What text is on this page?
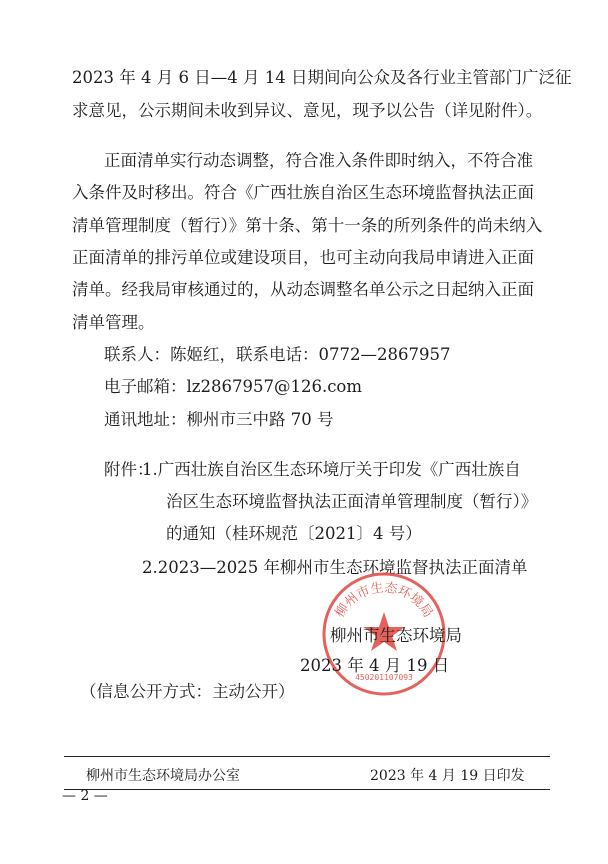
2023 年 4 月 6 日—4 月 14 日期间向公众及各行业主管部门广泛征
求意见，公示期间未收到异议、意见，现予以公告（详见附件）。
正面清单实行动态调整，符合准入条件即时纳入，不符合准
入条件及时移出。符合《广西壮族自治区生态环境监督执法正面
清单管理制度（暂行）》第十条、第十一条的所列条件的尚未纳入
正面清单的排污单位或建设项目，也可主动向我局申请进入正面
清单。经我局审核通过的，从动态调整名单公示之日起纳入正面
清单管理。
联系人：陈姬红，联系电话：0772—2867957
电子邮箱：lz2867957@126.com
通讯地址：柳州市三中路 70 号
附件：
1.广西壮族自治区生态环境厅关于印发《广西壮族自
治区生态环境监督执法正面清单管理制度（暂行）》
的通知（桂环规范〔2021〕4 号）
2.2023—2025 年柳州市生态环境监督执法正面清单
柳州市生态环境局
450201107093
柳州市生态环境局
2023 年 4 月 19 日
（信息公开方式：主动公开）
柳州市生态环境局办公室	2023 年 4 月 19 日印发
— 2 —
